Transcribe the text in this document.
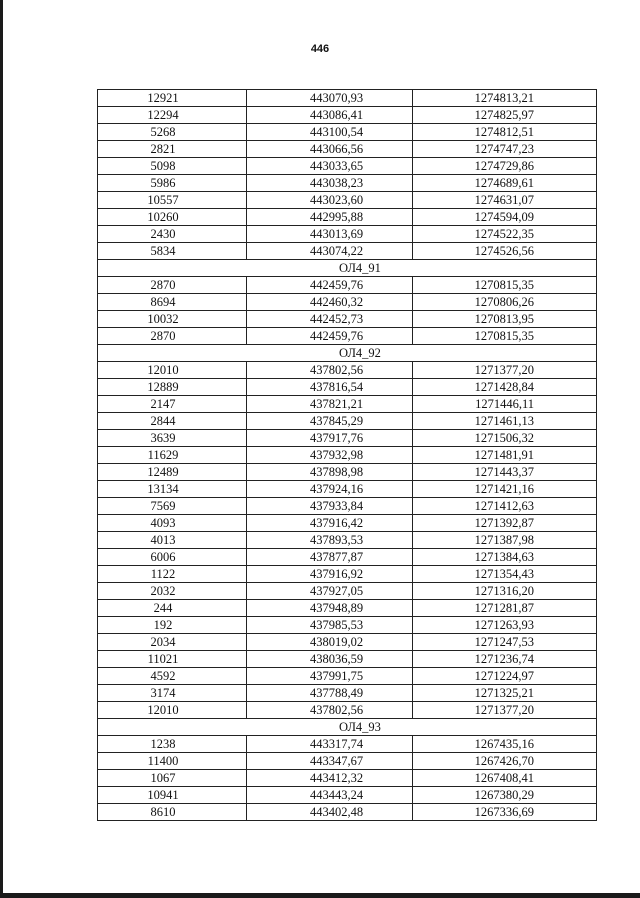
446
12921	443070,93	1274813,21
12294	443086,41	1274825,97
5268	443100,54	1274812,51
2821	443066,56	1274747,23
5098	443033,65	1274729,86
5986	443038,23	1274689,61
10557	443023,60	1274631,07
10260	442995,88	1274594,09
2430	443013,69	1274522,35
5834	443074,22	1274526,56
ОЛ4_91		
2870	442459,76	1270815,35
8694	442460,32	1270806,26
10032	442452,73	1270813,95
2870	442459,76	1270815,35
ОЛ4_92		
12010	437802,56	1271377,20
12889	437816,54	1271428,84
2147	437821,21	1271446,11
2844	437845,29	1271461,13
3639	437917,76	1271506,32
11629	437932,98	1271481,91
12489	437898,98	1271443,37
13134	437924,16	1271421,16
7569	437933,84	1271412,63
4093	437916,42	1271392,87
4013	437893,53	1271387,98
6006	437877,87	1271384,63
1122	437916,92	1271354,43
2032	437927,05	1271316,20
244	437948,89	1271281,87
192	437985,53	1271263,93
2034	438019,02	1271247,53
11021	438036,59	1271236,74
4592	437991,75	1271224,97
3174	437788,49	1271325,21
12010	437802,56	1271377,20
ОЛ4_93		
1238	443317,74	1267435,16
11400	443347,67	1267426,70
1067	443412,32	1267408,41
10941	443443,24	1267380,29
8610	443402,48	1267336,69
